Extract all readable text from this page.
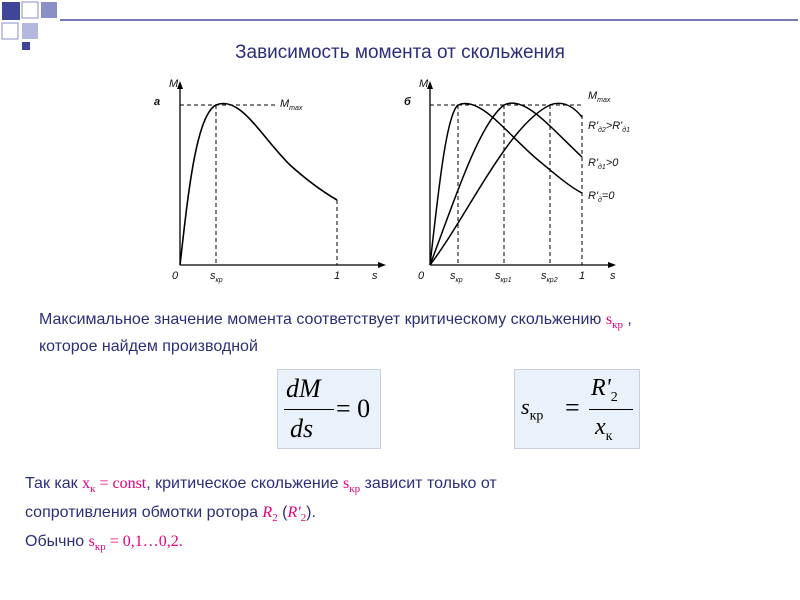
Зависимость момента от скольжения
a
M
s
0	$s_{кр}$	1
$M_{max}$
б
M
s
0 $s_{кр}$	$s_{кр1}$	$s_{кр2}$ 1
$M_{max}$
$R'_{д2}>R'_{д1}$
$R'_{д1}>0$
$R'_д=0$
Максимальное значение момента соответствует критическому скольжению $s_{кр}$ ,
которое найдем производной
dM
ds
= 0	$s_{кр}$ =
$R'_2$
$x_к$
Так как $x_к$ = const, критическое скольжение $s_{кр}$ зависит только от
сопротивления обмотки ротора $R_2$ $(R'_2)$.
Обычно $s_{кр}$ = 0,1…0,2.
